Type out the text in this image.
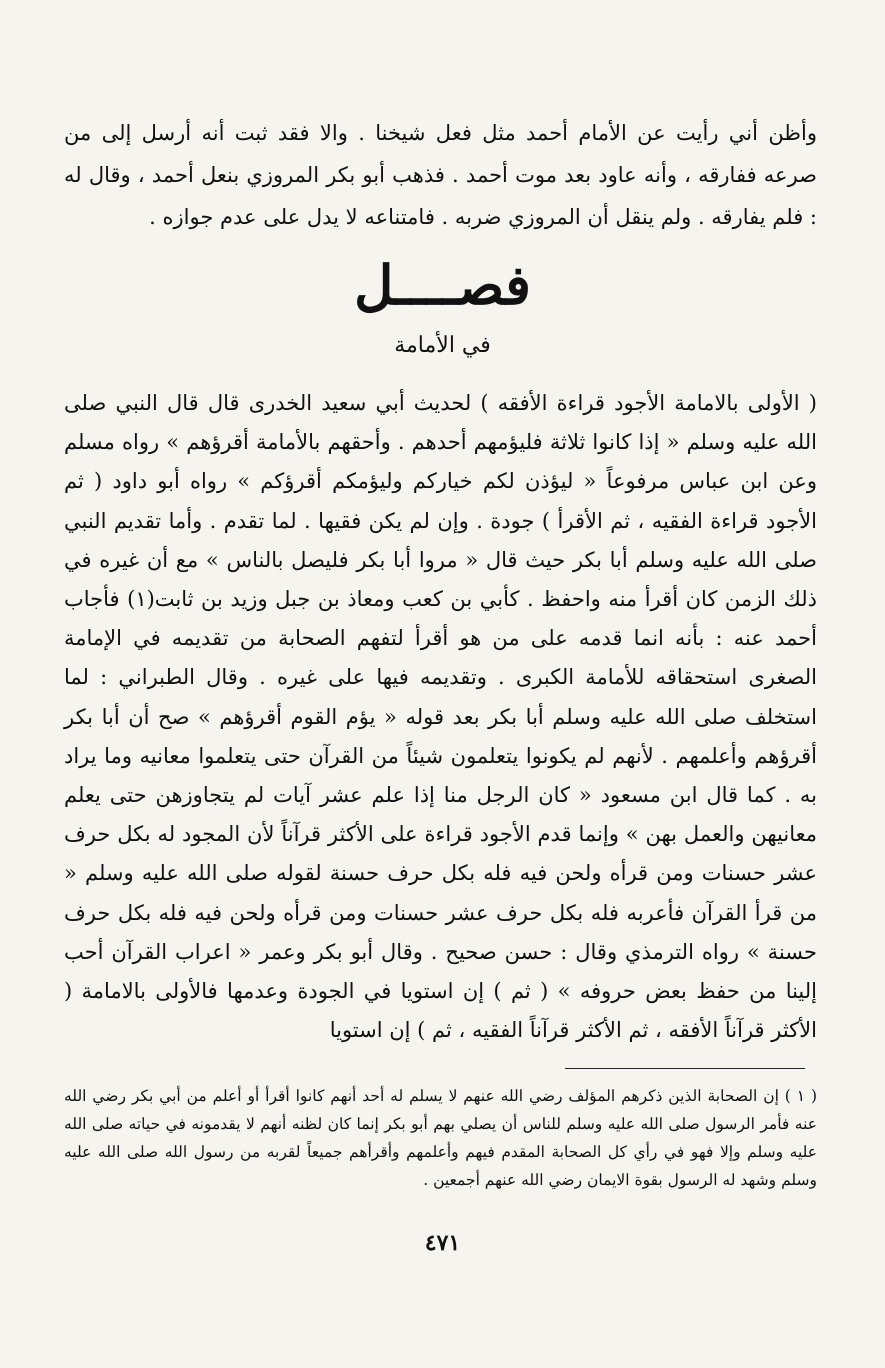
وأظن أني رأيت عن الأمام أحمد مثل فعل شيخنا . والا فقد ثبت أنه أرسل إلى من صرعه ففارقه ، وأنه عاود بعد موت أحمد . فذهب أبو بكر المروزي بنعل أحمد ، وقال له : فلم يفارقه . ولم ينقل أن المروزي ضربه . فامتناعه لا يدل على عدم جوازه .

فصــــل
في الأمامة

( الأولى بالامامة الأجود قراءة الأفقه ) لحديث أبي سعيد الخدرى قال قال النبي صلى الله عليه وسلم « إذا كانوا ثلاثة فليؤمهم أحدهم . وأحقهم بالأمامة أقرؤهم » رواه مسلم وعن ابن عباس مرفوعاً « ليؤذن لكم خياركم وليؤمكم أقرؤكم » رواه أبو داود ( ثم الأجود قراءة الفقيه ، ثم الأقرأ ) جودة . وإن لم يكن فقيها . لما تقدم . وأما تقديم النبي صلى الله عليه وسلم أبا بكر حيث قال « مروا أبا بكر فليصل بالناس » مع أن غيره في ذلك الزمن كان أقرأ منه واحفظ . كأبي بن كعب ومعاذ بن جبل وزيد بن ثابت(١) فأجاب أحمد عنه : بأنه انما قدمه على من هو أقرأ لتفهم الصحابة من تقديمه في الإمامة الصغرى استحقاقه للأمامة الكبرى . وتقديمه فيها على غيره . وقال الطبراني : لما استخلف صلى الله عليه وسلم أبا بكر بعد قوله « يؤم القوم أقرؤهم » صح أن أبا بكر أقرؤهم وأعلمهم . لأنهم لم يكونوا يتعلمون شيئاً من القرآن حتى يتعلموا معانيه وما يراد به . كما قال ابن مسعود « كان الرجل منا إذا علم عشر آيات لم يتجاوزهن حتى يعلم معانيهن والعمل بهن » وإنما قدم الأجود قراءة على الأكثر قرآناً لأن المجود له بكل حرف عشر حسنات ومن قرأه ولحن فيه فله بكل حرف حسنة لقوله صلى الله عليه وسلم « من قرأ القرآن فأعربه فله بكل حرف عشر حسنات ومن قرأه ولحن فيه فله بكل حرف حسنة » رواه الترمذي وقال : حسن صحيح . وقال أبو بكر وعمر « اعراب القرآن أحب إلينا من حفظ بعض حروفه » ( ثم ) إن استويا في الجودة وعدمها فالأولى بالامامة ( الأكثر قرآناً الأفقه ، ثم الأكثر قرآناً الفقيه ، ثم ) إن استويا

( ١ ) إن الصحابة الذين ذكرهم المؤلف رضي الله عنهم لا يسلم له أحد أنهم كانوا أقرأ أو أعلم من أبي بكر رضي الله عنه فأمر الرسول صلى الله عليه وسلم للناس أن يصلي بهم أبو بكر إنما كان لظنه أنهم لا يقدمونه في حياته صلى الله عليه وسلم وإلا فهو في رأي كل الصحابة المقدم فيهم وأعلمهم وأقرأهم جميعاً لقربه من رسول الله صلى الله عليه وسلم وشهد له الرسول بقوة الايمان رضي الله عنهم أجمعين .

٤٧١
